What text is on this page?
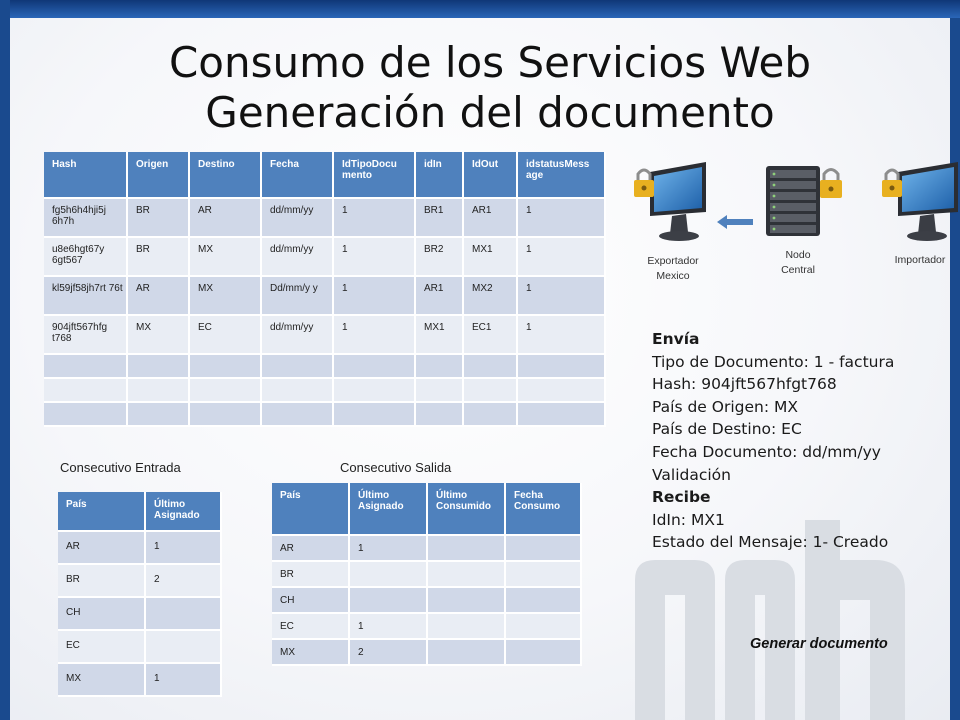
Consumo de los Servicios Web
Generación del documento
Hash	Origen	Destino	Fecha	IdTipoDocu mento	idIn	IdOut	idstatusMess age
fg5h6h4hji5j 6h7h	BR	AR	dd/mm/yy	1	BR1	AR1	1
u8e6hgt67y 6gt567	BR	MX	dd/mm/yy	1	BR2	MX1	1
kl59jf58jh7rt 76t	AR	MX	Dd/mm/y y	1	AR1	MX2	1
904jft567hfg t768	MX	EC	dd/mm/yy	1	MX1	EC1	1

Consecutivo Entrada	Consecutivo Salida
País	Último Asignado
AR	1
BR	2
CH	
EC	
MX	1
País	Último Asignado	Último Consumido	Fecha Consumo
AR	1		
BR			
CH			
EC	1		
MX	2		
Exportador Mexico
Nodo Central
Importador
Envía
Tipo de Documento: 1 - factura
Hash: 904jft567hfgt768
País de Origen: MX
País de Destino: EC
Fecha Documento: dd/mm/yy
Validación
Recibe
IdIn: MX1
Estado del Mensaje: 1- Creado
Generar documento
